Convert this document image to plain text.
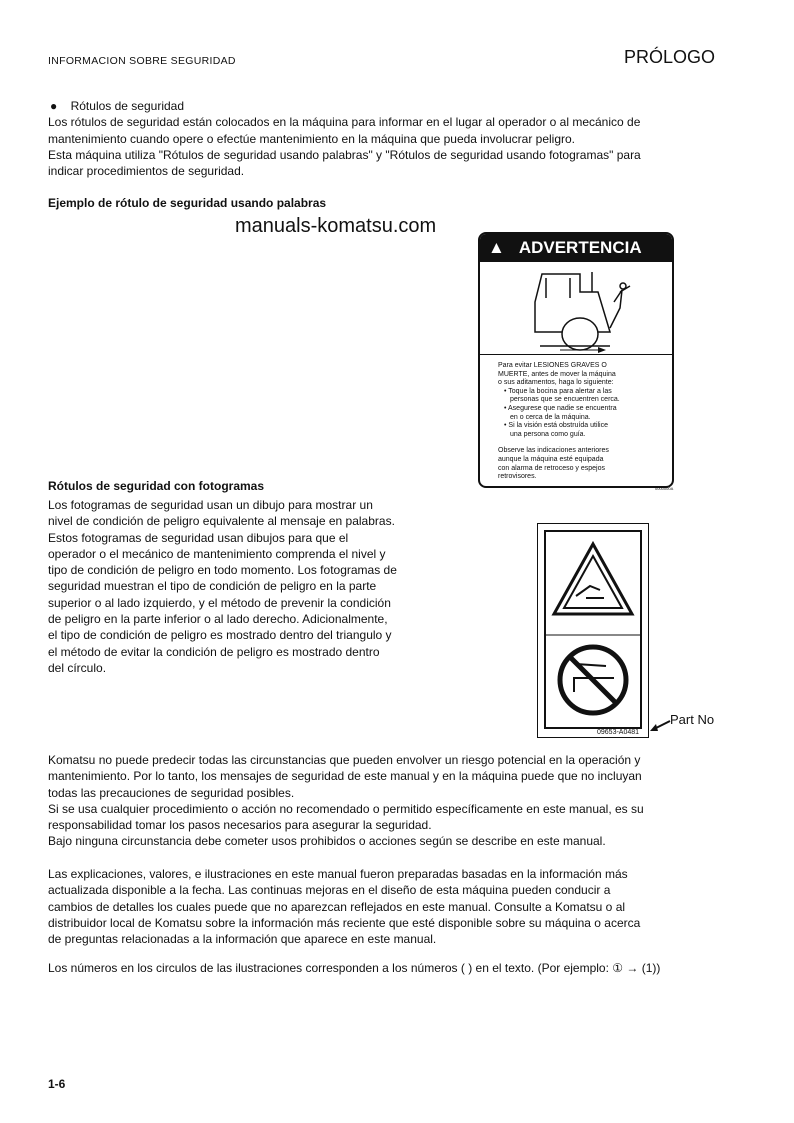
INFORMACION SOBRE SEGURIDAD	PRÓLOGO
● Rótulos de seguridad
Los rótulos de seguridad están colocados en la máquina para informar en el lugar al operador o al mecánico de
mantenimiento cuando opere o efectúe mantenimiento en la máquina que pueda involucrar peligro.
Esta máquina utiliza "Rótulos de seguridad usando palabras" y "Rótulos de seguridad usando fotogramas" para
indicar procedimientos de seguridad.
Ejemplo de rótulo de seguridad usando palabras
manuals-komatsu.com
▲ ADVERTENCIA
Para evitar LESIONES GRAVES O
MUERTE, antes de mover la máquina
o sus aditamentos, haga lo siguiente:
• Toque la bocina para alertar a las
personas que se encuentren cerca.
• Asegurese que nadie se encuentra
en o cerca de la máquina.
• Si la visión está obstruída utilice
una persona como guía.
Observe las indicaciones anteriores
aunque la máquina esté equipada
con alarma de retroceso y espejos
retrovisores.
0000000A
Rótulos de seguridad con fotogramas
Los fotogramas de seguridad usan un dibujo para mostrar un
nivel de condición de peligro equivalente al mensaje en palabras.
Estos fotogramas de seguridad usan dibujos para que el
operador o el mecánico de mantenimiento comprenda el nivel y
tipo de condición de peligro en todo momento. Los fotogramas de
seguridad muestran el tipo de condición de peligro en la parte
superior o al lado izquierdo, y el método de prevenir la condición
de peligro en la parte inferior o al lado derecho. Adicionalmente,
el tipo de condición de peligro es mostrado dentro del triangulo y
el método de evitar la condición de peligro es mostrado dentro
del círculo.
09653-A0481
Part No
Komatsu no puede predecir todas las circunstancias que pueden envolver un riesgo potencial en la operación y
mantenimiento. Por lo tanto, los mensajes de seguridad de este manual y en la máquina puede que no incluyan
todas las precauciones de seguridad posibles.
Si se usa cualquier procedimiento o acción no recomendado o permitido específicamente en este manual, es su
responsabilidad tomar los pasos necesarios para asegurar la seguridad.
Bajo ninguna circunstancia debe cometer usos prohibidos o acciones según se describe en este manual.
Las explicaciones, valores, e ilustraciones en este manual fueron preparadas basadas en la información más
actualizada disponible a la fecha. Las continuas mejoras en el diseño de esta máquina pueden conducir a
cambios de detalles los cuales puede que no aparezcan reflejados en este manual. Consulte a Komatsu o al
distribuidor local de Komatsu sobre la información más reciente que esté disponible sobre su máquina o acerca
de preguntas relacionadas a la información que aparece en este manual.
Los números en los circulos de las ilustraciones corresponden a los números ( ) en el texto. (Por ejemplo: ① → (1))
1-6
